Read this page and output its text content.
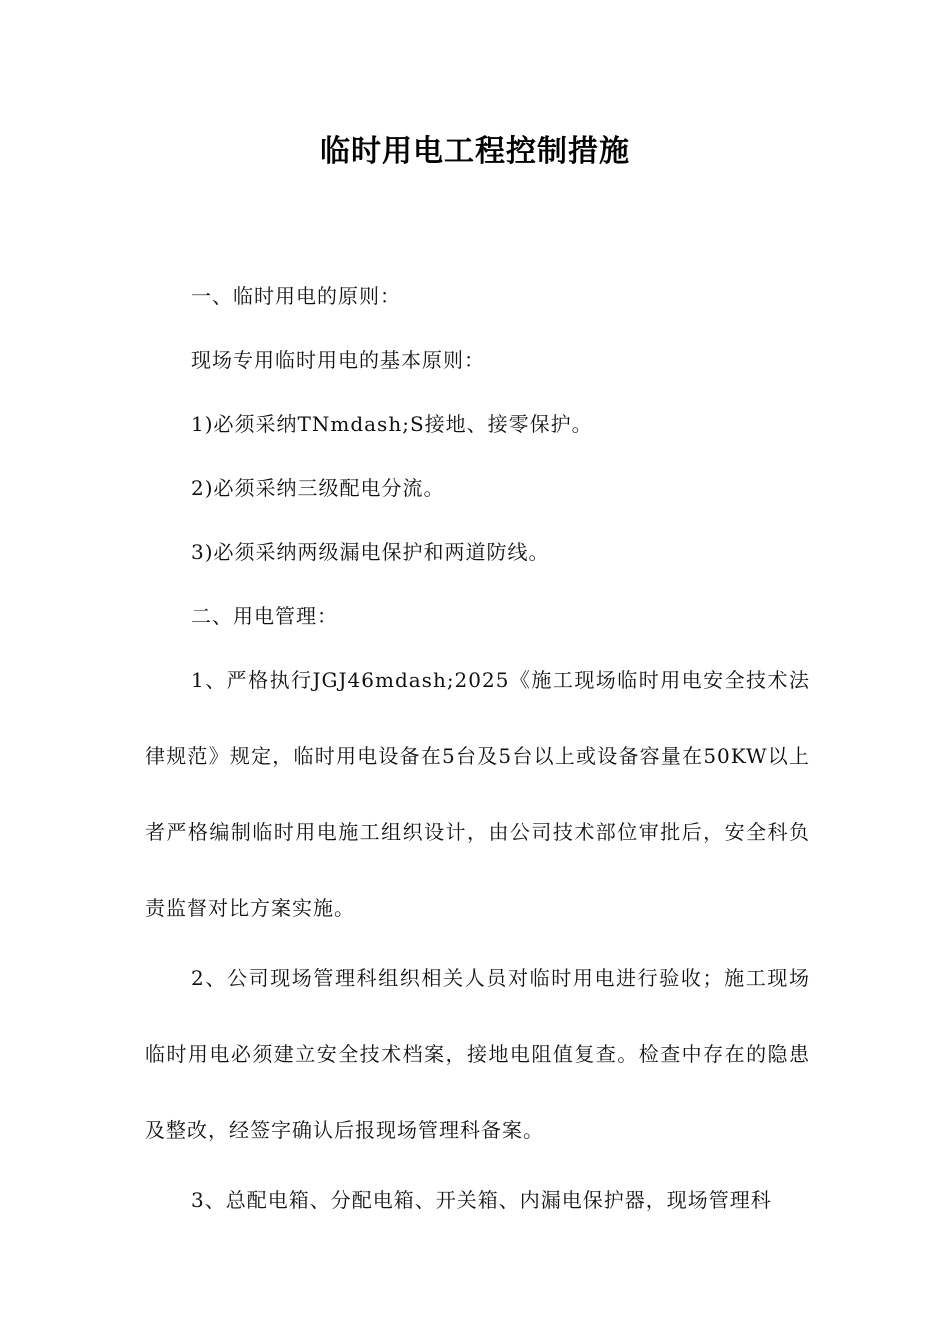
临时用电工程控制措施

一、临时用电的原则：

现场专用临时用电的基本原则：

1)必须采纳TNmdash;S接地、接零保护。

2)必须采纳三级配电分流。

3)必须采纳两级漏电保护和两道防线。

二、用电管理：

1、严格执行JGJ46mdash;2025《施工现场临时用电安全技术法律规范》规定，临时用电设备在5台及5台以上或设备容量在50KW以上者严格编制临时用电施工组织设计，由公司技术部位审批后，安全科负责监督对比方案实施。

2、公司现场管理科组织相关人员对临时用电进行验收；施工现场临时用电必须建立安全技术档案，接地电阻值复查。检查中存在的隐患及整改，经签字确认后报现场管理科备案。

3、总配电箱、分配电箱、开关箱、内漏电保护器，现场管理科
